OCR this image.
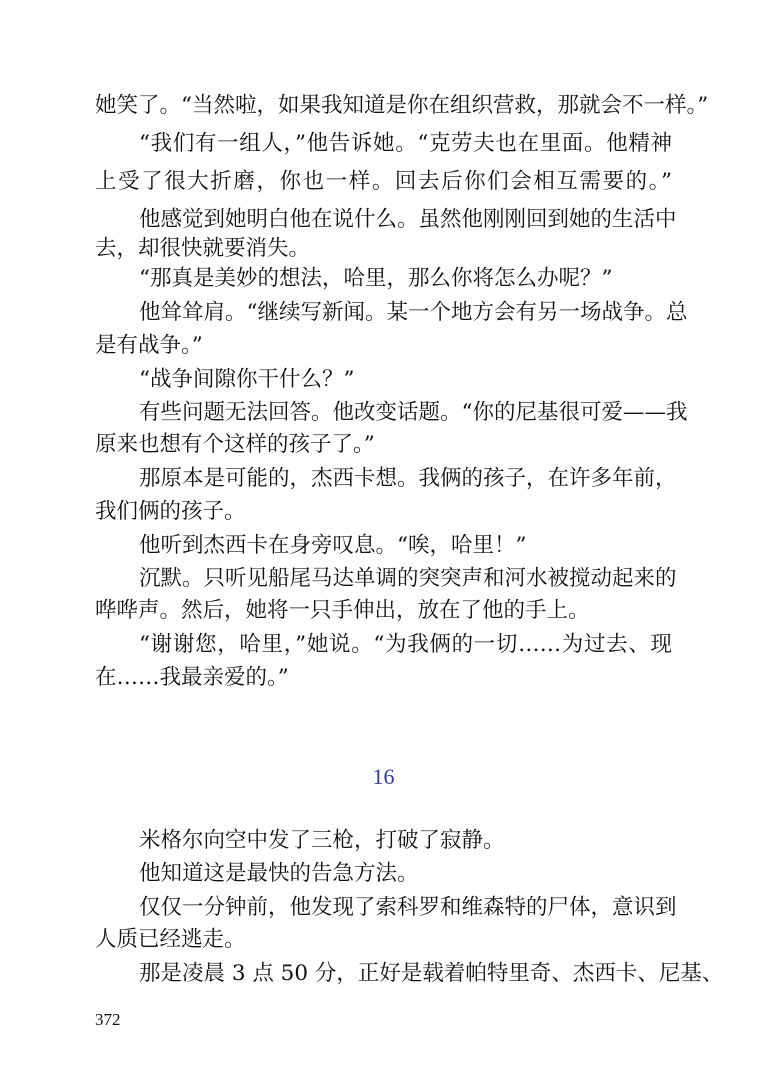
她笑了。“当然啦，如果我知道是你在组织营救，那就会不一样。”
“我们有一组人，”他告诉她。“克劳夫也在里面。他精神
上受了很大折磨，你也一样。回去后你们会相互需要的。”
他感觉到她明白他在说什么。虽然他刚刚回到她的生活中
去，却很快就要消失。
“那真是美妙的想法，哈里，那么你将怎么办呢？”
他耸耸肩。“继续写新闻。某一个地方会有另一场战争。总
是有战争。”
“战争间隙你干什么？”
有些问题无法回答。他改变话题。“你的尼基很可爱——我
原来也想有个这样的孩子了。”
那原本是可能的，杰西卡想。我俩的孩子，在许多年前，
我们俩的孩子。
他听到杰西卡在身旁叹息。“唉，哈里！”
沉默。只听见船尾马达单调的突突声和河水被搅动起来的
哗哗声。然后，她将一只手伸出，放在了他的手上。
“谢谢您，哈里，”她说。“为我俩的一切……为过去、现
在……我最亲爱的。”
16
米格尔向空中发了三枪，打破了寂静。
他知道这是最快的告急方法。
仅仅一分钟前，他发现了索科罗和维森特的尸体，意识到
人质已经逃走。
那是凌晨 3 点 50 分，正好是载着帕特里奇、杰西卡、尼基、
372
